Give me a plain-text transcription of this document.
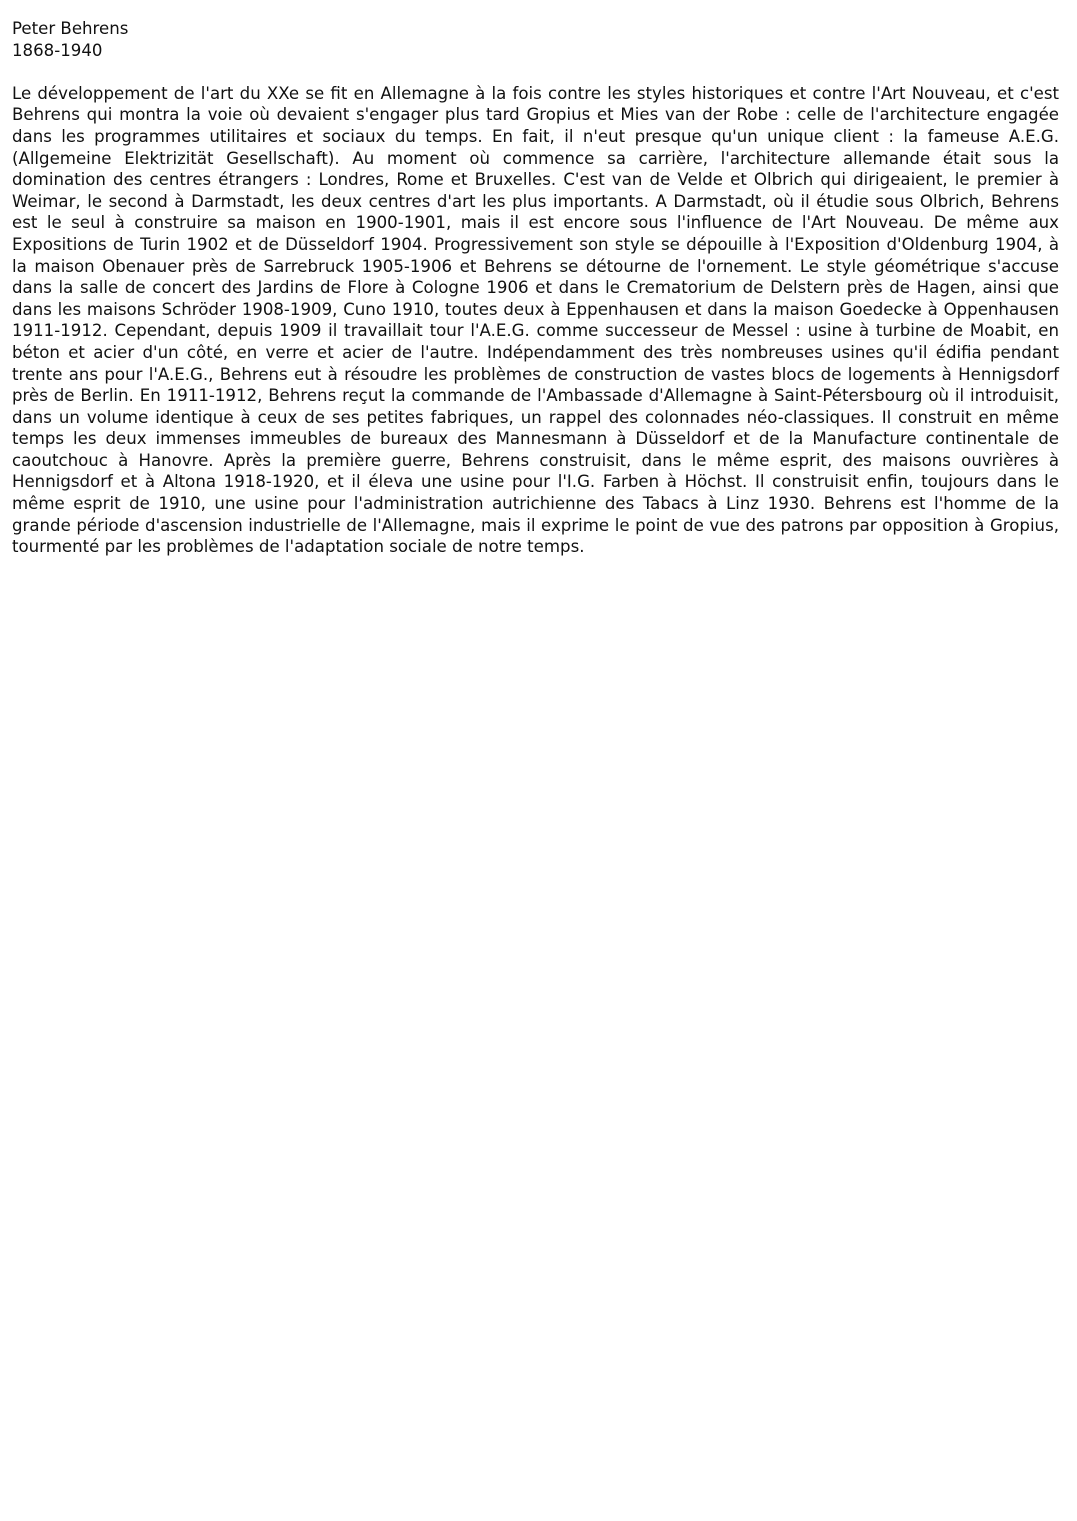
Peter Behrens
1868-1940

Le développement de l'art du XXe se fit en Allemagne à la fois contre les styles historiques et contre l'Art Nouveau, et c'est Behrens qui montra la voie où devaient s'engager plus tard Gropius et Mies van der Robe : celle de l'architecture engagée dans les programmes utilitaires et sociaux du temps. En fait, il n'eut presque qu'un unique client : la fameuse A.E.G. (Allgemeine Elektrizität Gesellschaft). Au moment où commence sa carrière, l'architecture allemande était sous la domination des centres étrangers : Londres, Rome et Bruxelles. C'est van de Velde et Olbrich qui dirigeaient, le premier à Weimar, le second à Darmstadt, les deux centres d'art les plus importants. A Darmstadt, où il étudie sous Olbrich, Behrens est le seul à construire sa maison en 1900-1901, mais il est encore sous l'influence de l'Art Nouveau. De même aux Expositions de Turin 1902 et de Düsseldorf 1904. Progressivement son style se dépouille à l'Exposition d'Oldenburg 1904, à la maison Obenauer près de Sarrebruck 1905-1906 et Behrens se détourne de l'ornement. Le style géométrique s'accuse dans la salle de concert des Jardins de Flore à Cologne 1906 et dans le Crematorium de Delstern près de Hagen, ainsi que dans les maisons Schröder 1908-1909, Cuno 1910, toutes deux à Eppenhausen et dans la maison Goedecke à Oppenhausen 1911-1912. Cependant, depuis 1909 il travaillait tour l'A.E.G. comme successeur de Messel : usine à turbine de Moabit, en béton et acier d'un côté, en verre et acier de l'autre. Indépendamment des très nombreuses usines qu'il édifia pendant trente ans pour l'A.E.G., Behrens eut à résoudre les problèmes de construction de vastes blocs de logements à Hennigsdorf près de Berlin. En 1911-1912, Behrens reçut la commande de l'Ambassade d'Allemagne à Saint-Pétersbourg où il introduisit, dans un volume identique à ceux de ses petites fabriques, un rappel des colonnades néo-classiques. Il construit en même temps les deux immenses immeubles de bureaux des Mannesmann à Düsseldorf et de la Manufacture continentale de caoutchouc à Hanovre. Après la première guerre, Behrens construisit, dans le même esprit, des maisons ouvrières à Hennigsdorf et à Altona 1918-1920, et il éleva une usine pour l'I.G. Farben à Höchst. Il construisit enfin, toujours dans le même esprit de 1910, une usine pour l'administration autrichienne des Tabacs à Linz 1930. Behrens est l'homme de la grande période d'ascension industrielle de l'Allemagne, mais il exprime le point de vue des patrons par opposition à Gropius, tourmenté par les problèmes de l'adaptation sociale de notre temps.
